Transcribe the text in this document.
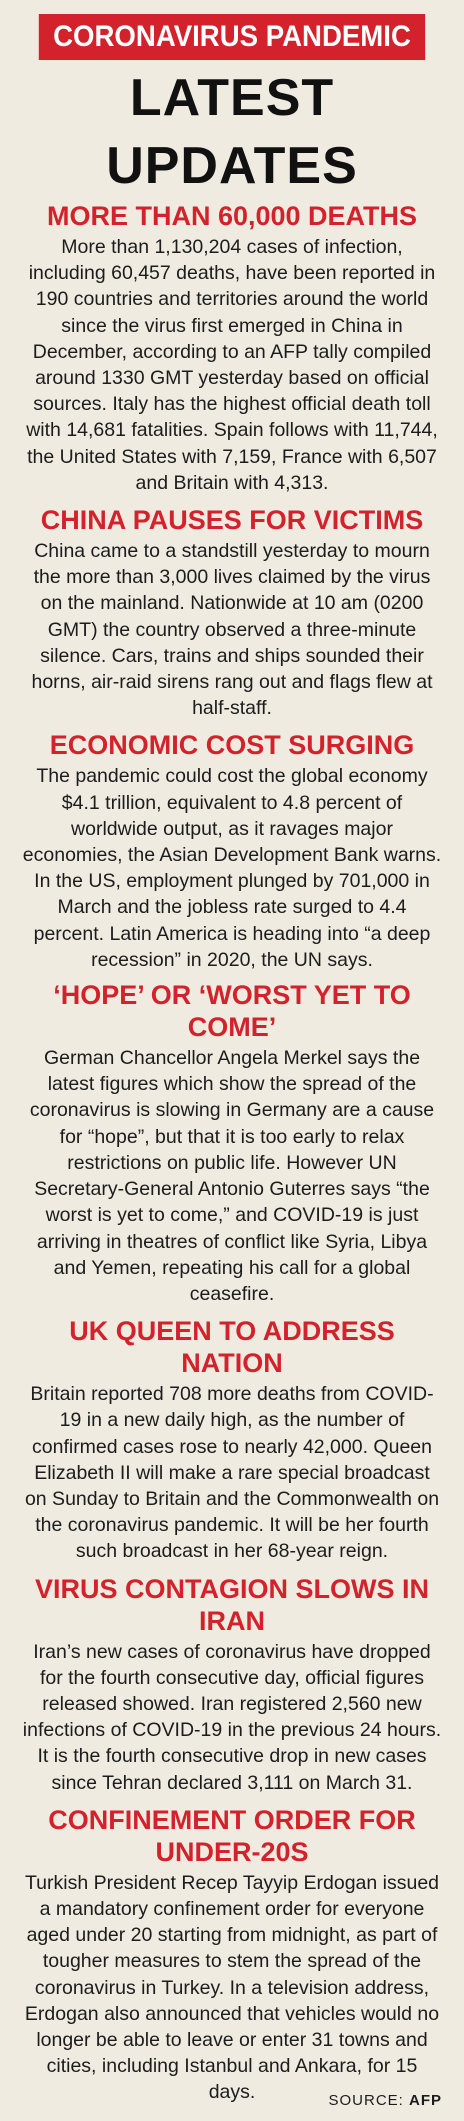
CORONAVIRUS PANDEMIC
LATEST UPDATES
MORE THAN 60,000 DEATHS

More than 1,130,204 cases of infection, including 60,457 deaths, have been reported in 190 countries and territories around the world since the virus first emerged in China in December, according to an AFP tally compiled around 1330 GMT yesterday based on official sources. Italy has the highest official death toll with 14,681 fatalities. Spain follows with 11,744, the United States with 7,159, France with 6,507 and Britain with 4,313.

CHINA PAUSES FOR VICTIMS

China came to a standstill yesterday to mourn the more than 3,000 lives claimed by the virus on the mainland. Nationwide at 10 am (0200 GMT) the country observed a three-minute silence. Cars, trains and ships sounded their horns, air-raid sirens rang out and flags flew at half-staff.

ECONOMIC COST SURGING

The pandemic could cost the global economy $4.1 trillion, equivalent to 4.8 percent of worldwide output, as it ravages major economies, the Asian Development Bank warns. In the US, employment plunged by 701,000 in March and the jobless rate surged to 4.4 percent. Latin America is heading into “a deep recession” in 2020, the UN says.

‘HOPE’ OR ‘WORST YET TO COME’

German Chancellor Angela Merkel says the latest figures which show the spread of the coronavirus is slowing in Germany are a cause for “hope”, but that it is too early to relax restrictions on public life. However UN Secretary-General Antonio Guterres says “the worst is yet to come,” and COVID-19 is just arriving in theatres of conflict like Syria, Libya and Yemen, repeating his call for a global ceasefire.

UK QUEEN TO ADDRESS NATION

Britain reported 708 more deaths from COVID-19 in a new daily high, as the number of confirmed cases rose to nearly 42,000. Queen Elizabeth II will make a rare special broadcast on Sunday to Britain and the Commonwealth on the coronavirus pandemic. It will be her fourth such broadcast in her 68-year reign.

VIRUS CONTAGION SLOWS IN IRAN

Iran’s new cases of coronavirus have dropped for the fourth consecutive day, official figures released showed. Iran registered 2,560 new infections of COVID-19 in the previous 24 hours. It is the fourth consecutive drop in new cases since Tehran declared 3,111 on March 31.

CONFINEMENT ORDER FOR UNDER-20S

Turkish President Recep Tayyip Erdogan issued a mandatory confinement order for everyone aged under 20 starting from midnight, as part of tougher measures to stem the spread of the coronavirus in Turkey. In a television address, Erdogan also announced that vehicles would no longer be able to leave or enter 31 towns and cities, including Istanbul and Ankara, for 15 days.	SOURCE: AFP
